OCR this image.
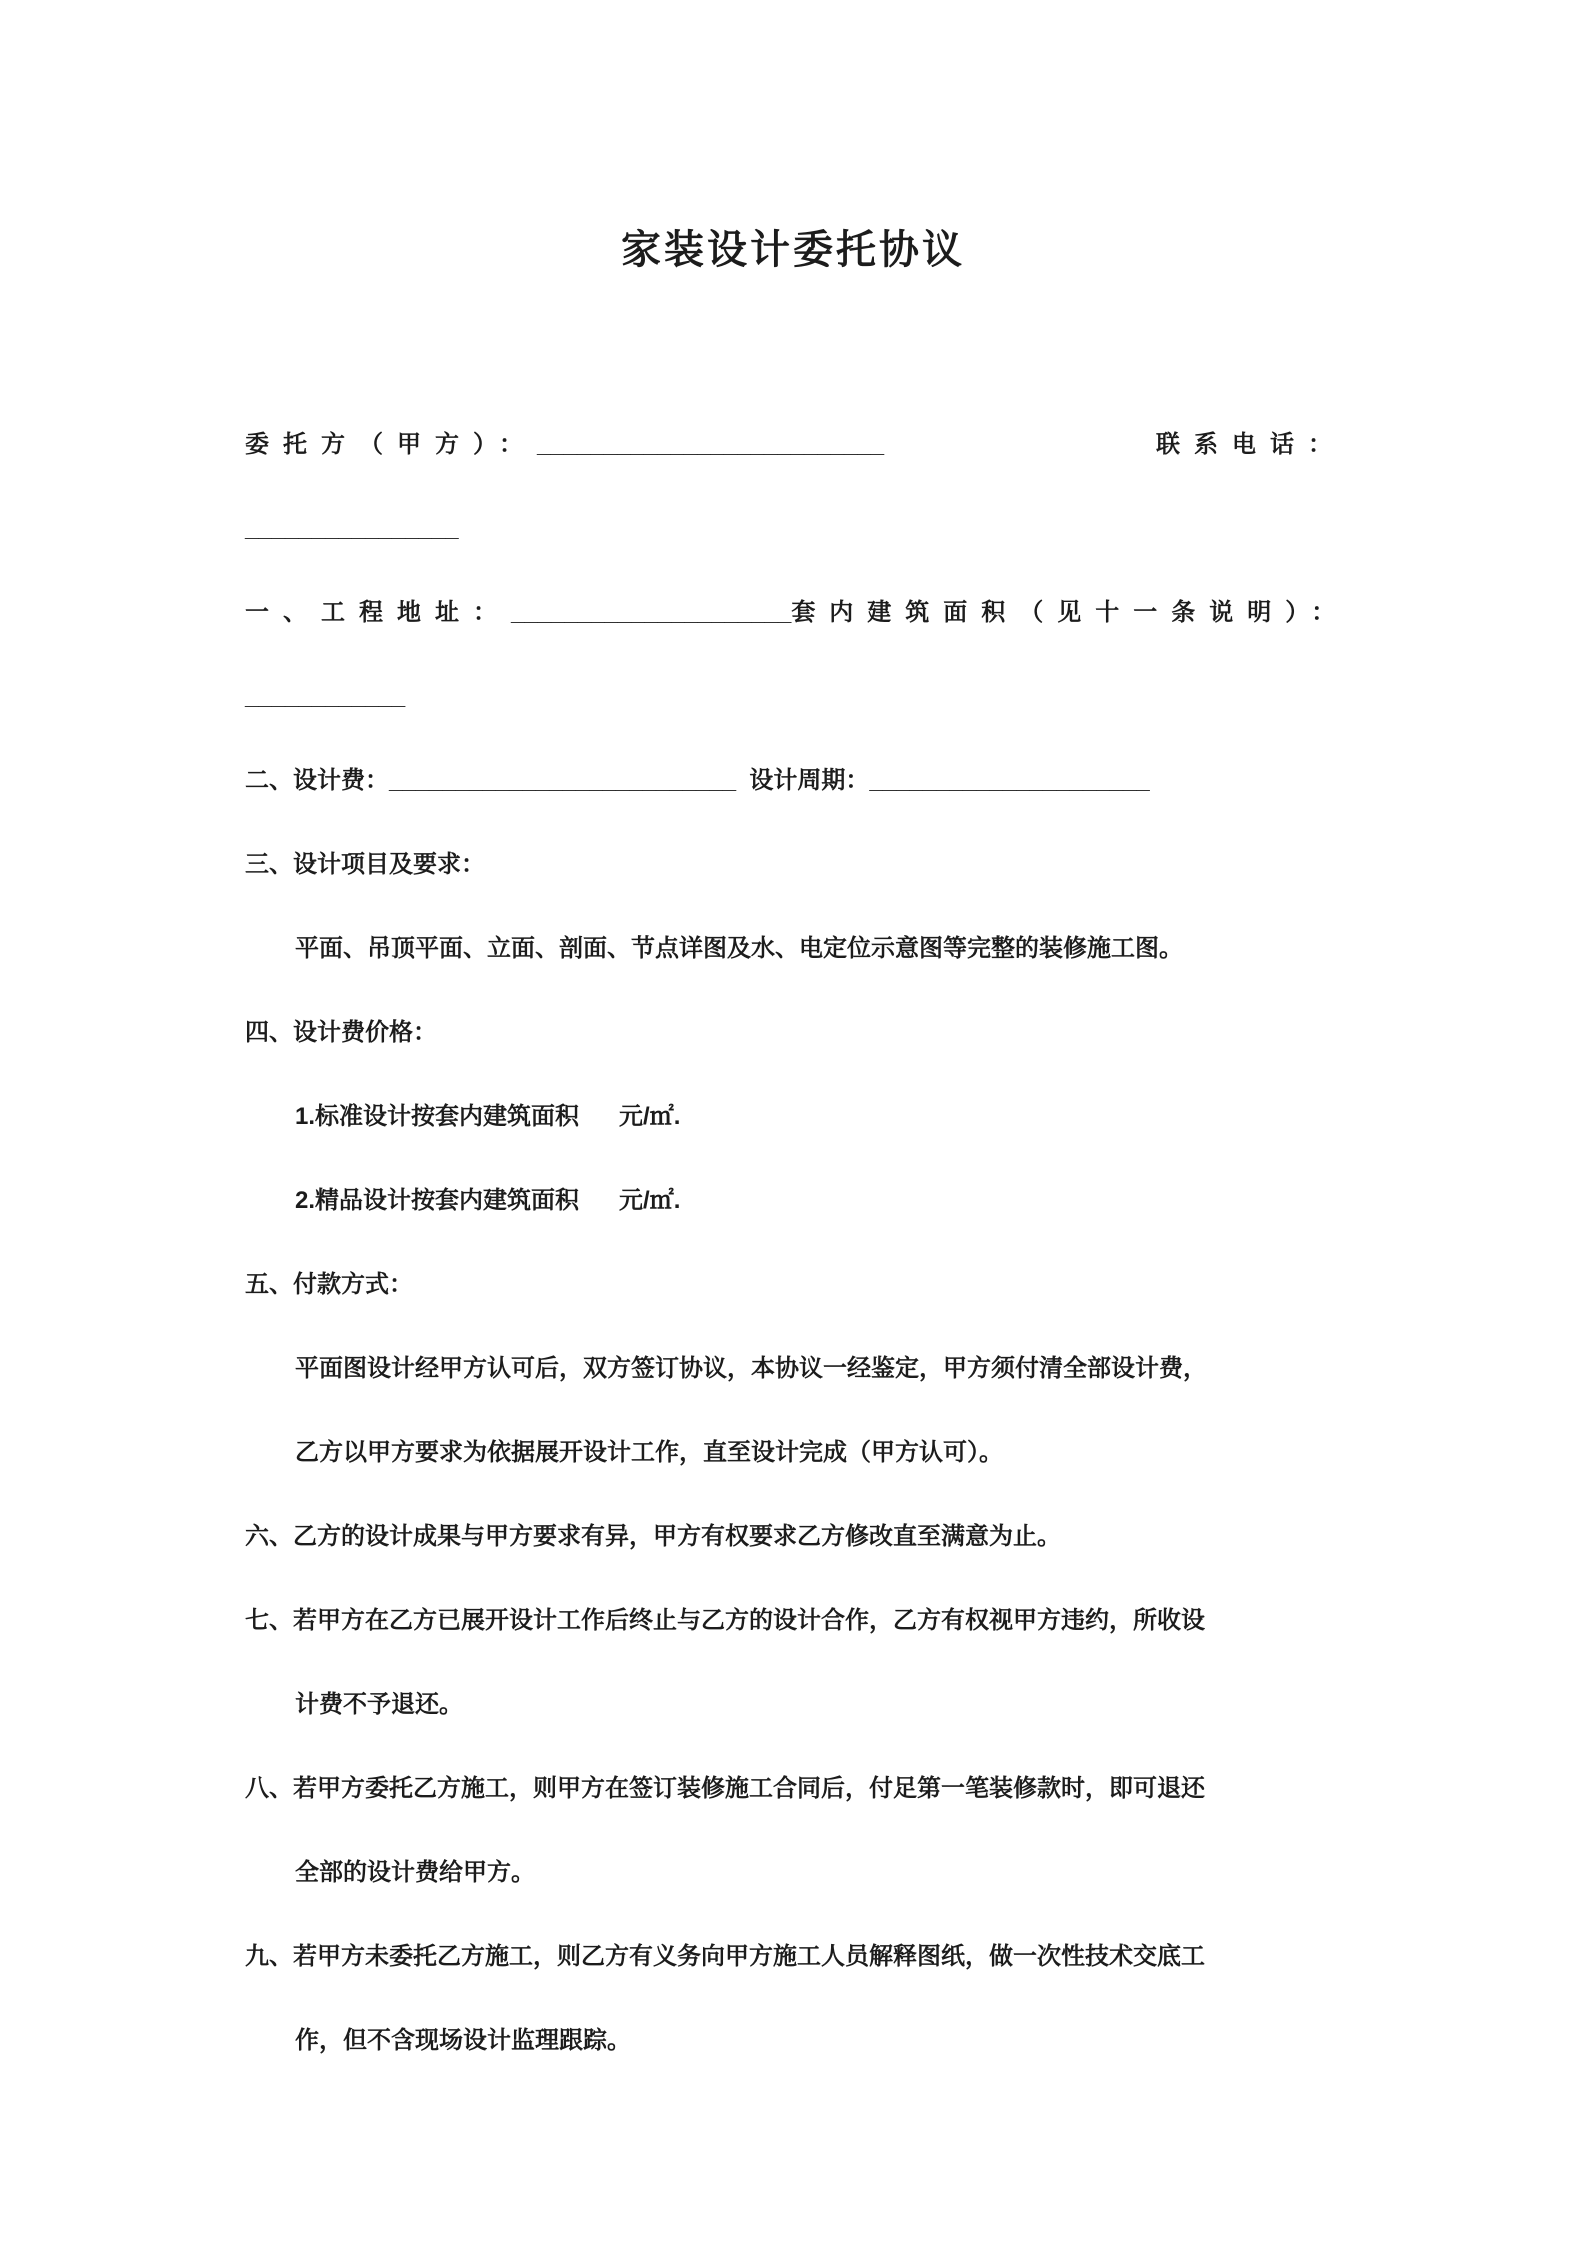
家装设计委托协议
委托方（甲方）： __________________________	联系电话：
________________
一、工程地址： _____________________ 套内建筑面积（见十一条说明）：
____________
二、设计费：__________________________  设计周期：_____________________
三、设计项目及要求：
平面、吊顶平面、立面、剖面、节点详图及水、电定位示意图等完整的装修施工图。
四、设计费价格：
1.标准设计按套内建筑面积      元/㎡.
2.精品设计按套内建筑面积      元/㎡.
五、付款方式：
平面图设计经甲方认可后，双方签订协议，本协议一经鉴定，甲方须付清全部设计费，
乙方以甲方要求为依据展开设计工作，直至设计完成（甲方认可）。
六、乙方的设计成果与甲方要求有异，甲方有权要求乙方修改直至满意为止。
七、若甲方在乙方已展开设计工作后终止与乙方的设计合作，乙方有权视甲方违约，所收设
计费不予退还。
八、若甲方委托乙方施工，则甲方在签订装修施工合同后，付足第一笔装修款时，即可退还
全部的设计费给甲方。
九、若甲方未委托乙方施工，则乙方有义务向甲方施工人员解释图纸，做一次性技术交底工
作，但不含现场设计监理跟踪。
